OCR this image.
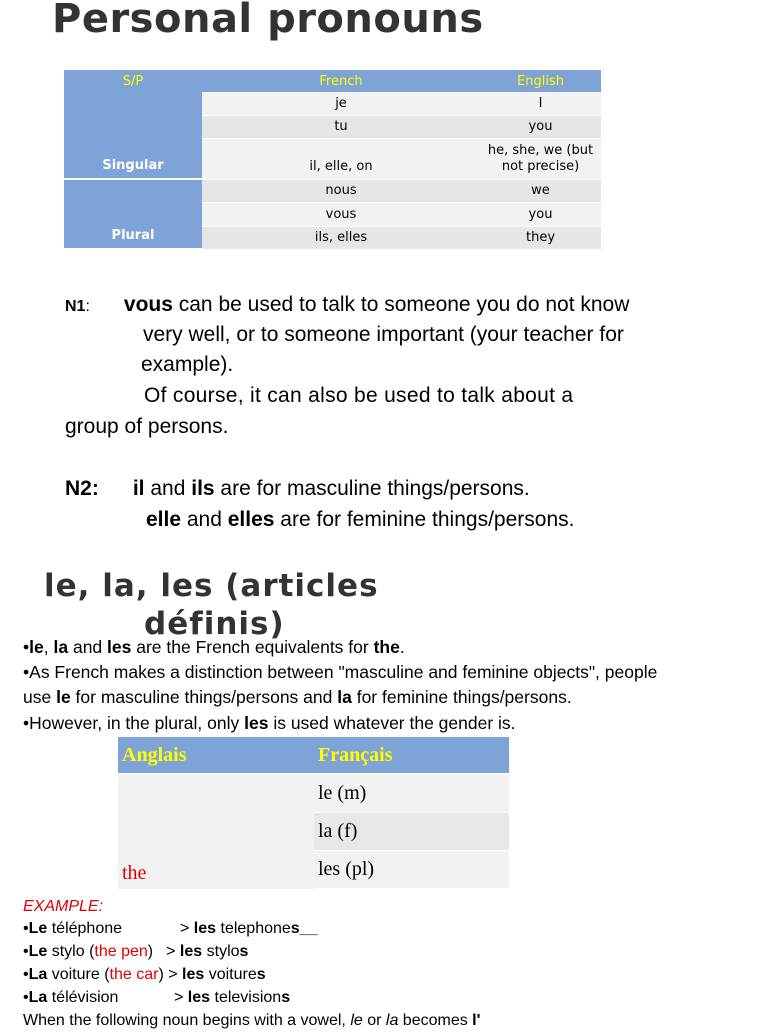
Personal pronouns
S/P	French	English
Singular	je	I
	tu	you
	il, elle, on	he, she, we (but
not precise)

Plural	nous	we
	vous	you
	ils, elles	they
N1: vous can be used to talk to someone you do not know
very well, or to someone important (your teacher for
example).
Of course, it can also be used to talk about a
group of persons.
N2: il and ils are for masculine things/persons.
elle and elles are for feminine things/persons.
le, la, les (articles
définis)
•le, la and les are the French equivalents for the.
•As French makes a distinction between "masculine and feminine objects", people
use le for masculine things/persons and la for feminine things/persons.
•However, in the plural, only les is used whatever the gender is.
Anglais	Français
the	le (m)
	la (f)
	les (pl)
EXAMPLE:
•Le téléphone	> les telephones__
•Le stylo (the pen) > les stylos
•La voiture (the car) > les voitures
•La télévision	> les televisions
When the following noun begins with a vowel, le or la becomes l'
